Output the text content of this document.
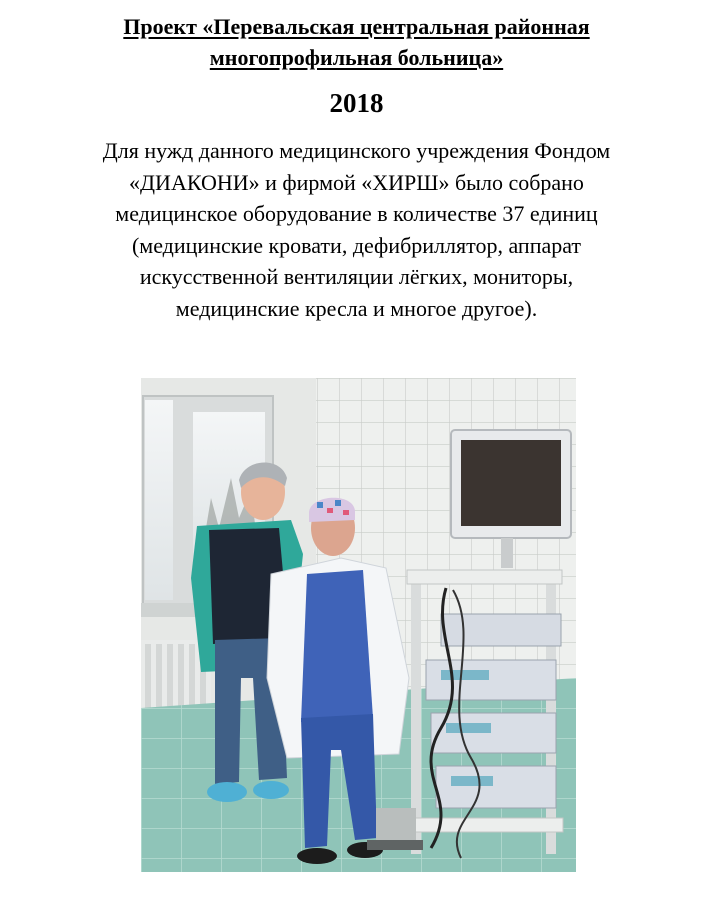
Проект «Перевальская центральная районная
многопрофильная больница»
2018
Для нужд данного медицинского учреждения Фондом
«ДИАКОНИ» и фирмой «ХИРШ» было собрано
медицинское оборудование в количестве 37 единиц
(медицинские кровати, дефибриллятор, аппарат
искусственной вентиляции лёгких, мониторы,
медицинские кресла и многое другое).
